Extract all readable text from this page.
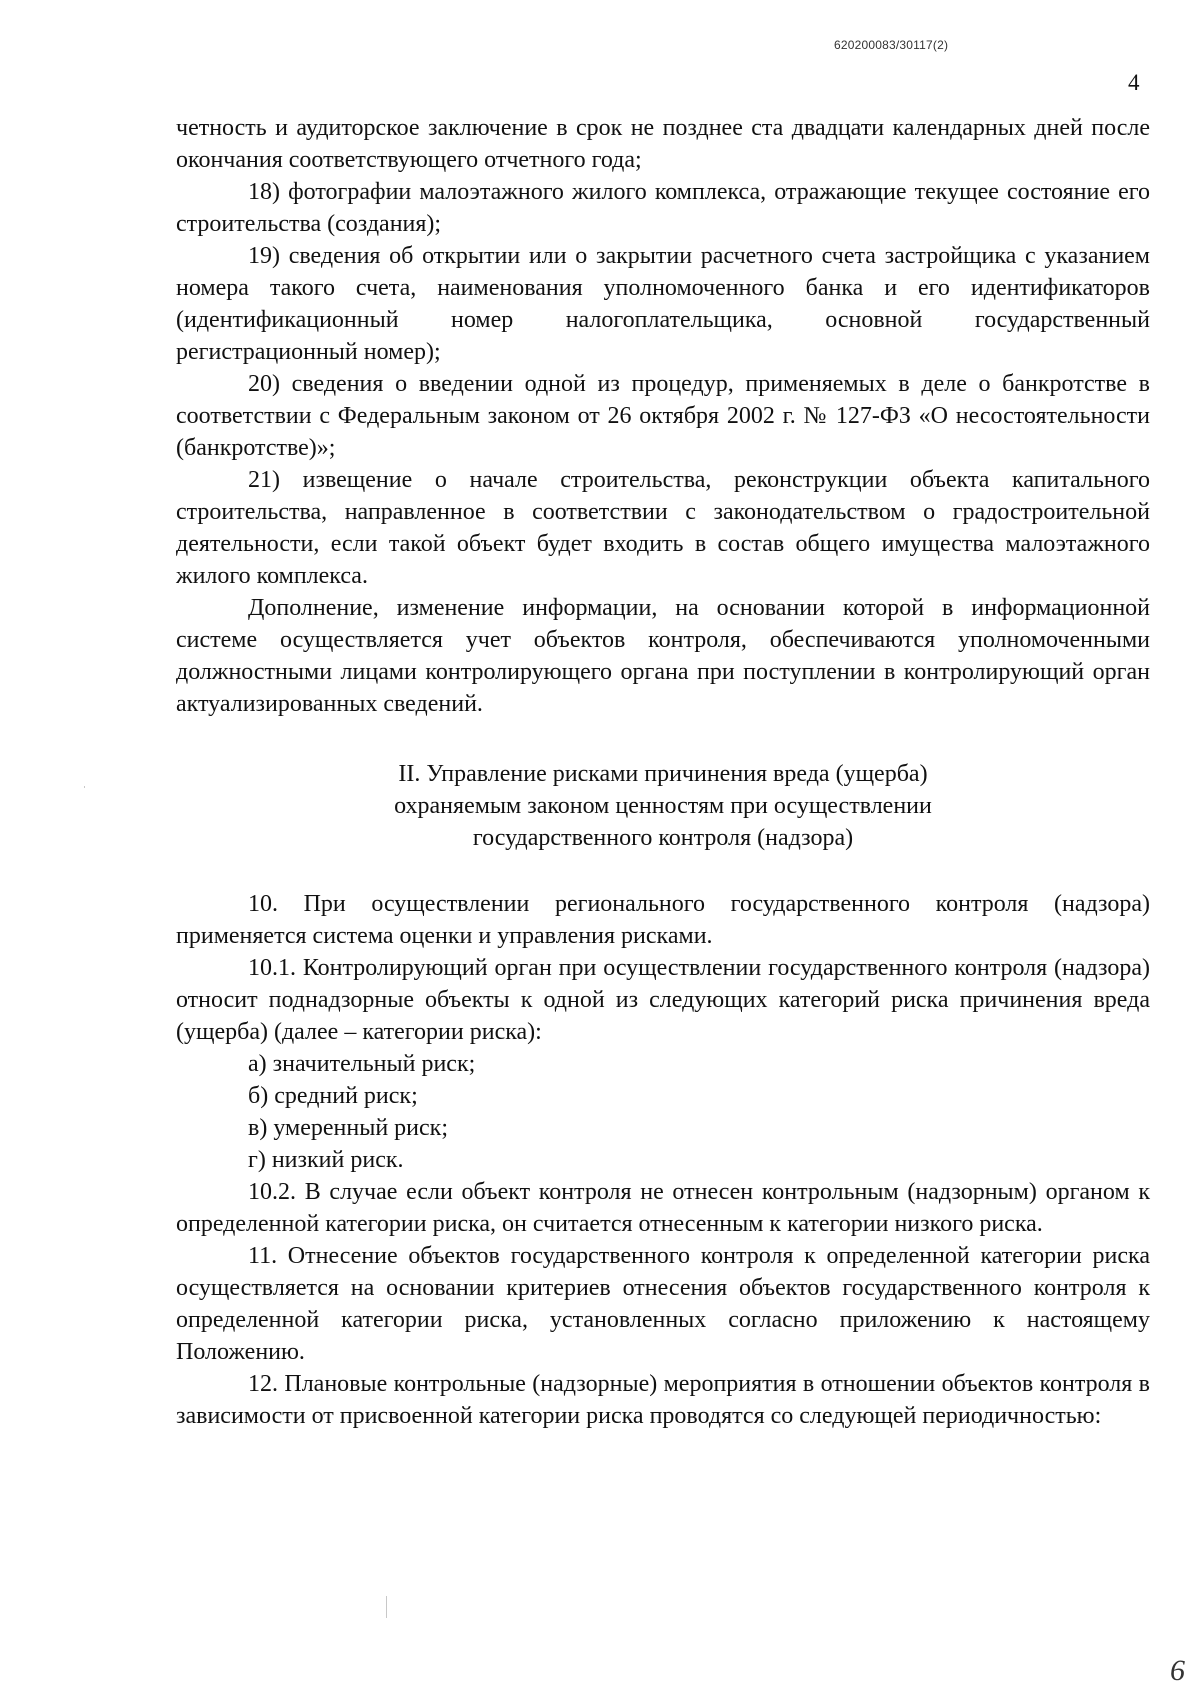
620200083/30117(2)
4

четность и аудиторское заключение в срок не позднее ста двадцати календарных дней после окончания соответствующего отчетного года;

18) фотографии малоэтажного жилого комплекса, отражающие текущее состояние его строительства (создания);

19) сведения об открытии или о закрытии расчетного счета застройщика с указанием номера такого счета, наименования уполномоченного банка и его идентификаторов (идентификационный номер налогоплательщика, основной государственный регистрационный номер);

20) сведения о введении одной из процедур, применяемых в деле о банкротстве в соответствии с Федеральным законом от 26 октября 2002 г. № 127-ФЗ «О несостоятельности (банкротстве)»;

21) извещение о начале строительства, реконструкции объекта капитального строительства, направленное в соответствии с законодательством о градостроительной деятельности, если такой объект будет входить в состав общего имущества малоэтажного жилого комплекса.

Дополнение, изменение информации, на основании которой в информационной системе осуществляется учет объектов контроля, обеспечиваются уполномоченными должностными лицами контролирующего органа при поступлении в контролирующий орган актуализированных сведений.

II. Управление рисками причинения вреда (ущерба)
охраняемым законом ценностям при осуществлении
государственного контроля (надзора)

10. При осуществлении регионального государственного контроля (надзора) применяется система оценки и управления рисками.

10.1. Контролирующий орган при осуществлении государственного контроля (надзора) относит поднадзорные объекты к одной из следующих категорий риска причинения вреда (ущерба) (далее – категории риска):

а) значительный риск;

б) средний риск;

в) умеренный риск;

г) низкий риск.

10.2. В случае если объект контроля не отнесен контрольным (надзорным) органом к определенной категории риска, он считается отнесенным к категории низкого риска.

11. Отнесение объектов государственного контроля к определенной категории риска осуществляется на основании критериев отнесения объектов государственного контроля к определенной категории риска, установленных согласно приложению к настоящему Положению.

12. Плановые контрольные (надзорные) мероприятия в отношении объектов контроля в зависимости от присвоенной категории риска проводятся со следующей периодичностью:

6
